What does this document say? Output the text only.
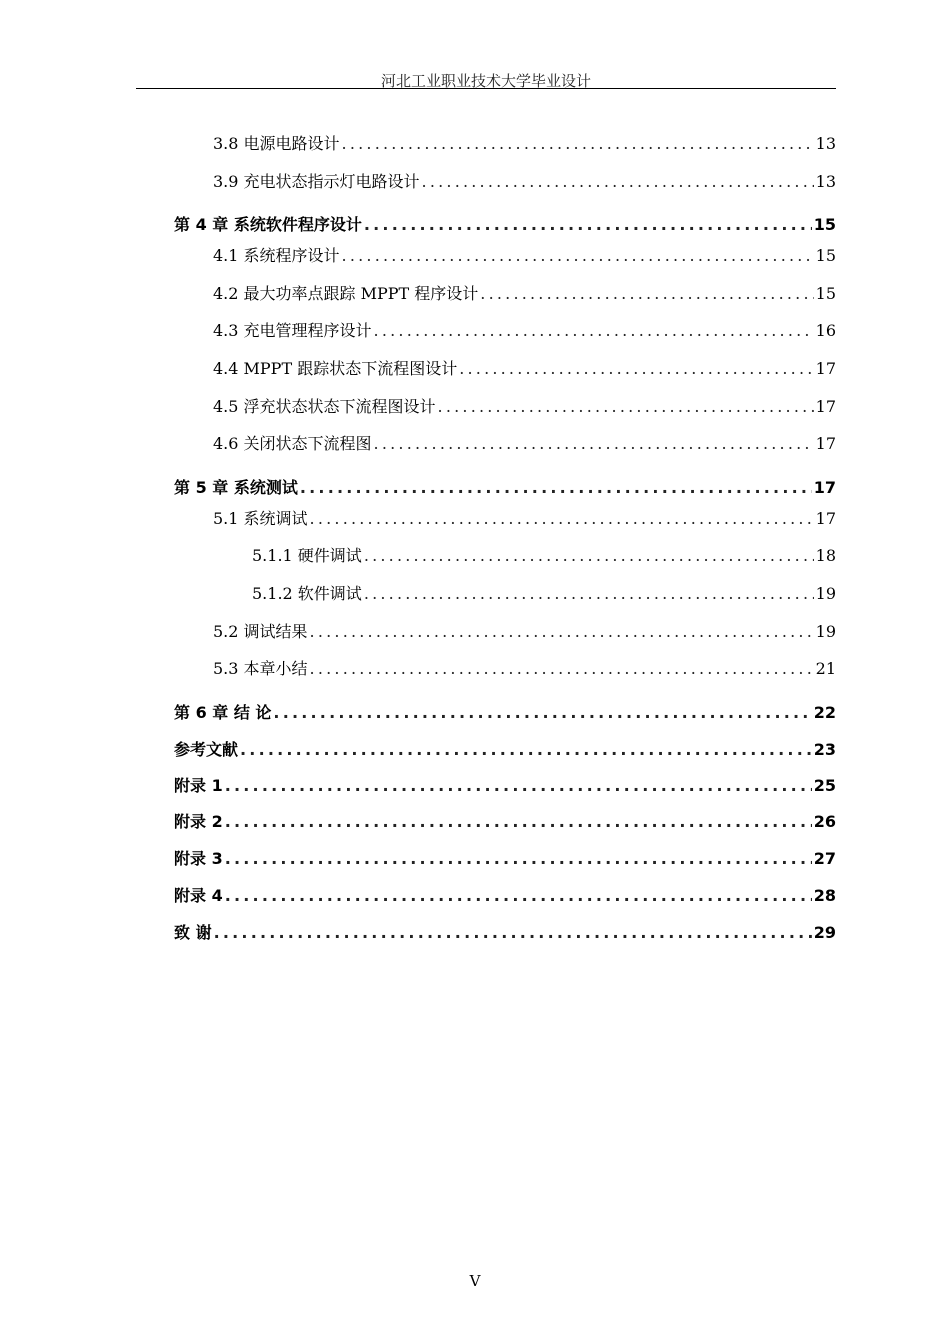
河北工业职业技术大学毕业设计
3.8 电源电路设计 .....	13
3.9 充电状态指示灯电路设计 .....	13
第 4 章 系统软件程序设计 .....	15
4.1 系统程序设计 .....	15
4.2 最大功率点跟踪 MPPT 程序设计 .....	15
4.3 充电管理程序设计 .....	16
4.4 MPPT 跟踪状态下流程图设计 .....	17
4.5 浮充状态状态下流程图设计 .....	17
4.6 关闭状态下流程图 .....	17
第 5 章 系统测试 .....	17
5.1 系统调试 .....	17
5.1.1 硬件调试 .....	18
5.1.2 软件调试 .....	19
5.2 调试结果 .....	19
5.3 本章小结 .....	21
第 6 章 结 论 .....	22
参考文献 .....	23
附录 1 .....	25
附录 2 .....	26
附录 3 .....	27
附录 4 .....	28
致 谢 .....	29
V
